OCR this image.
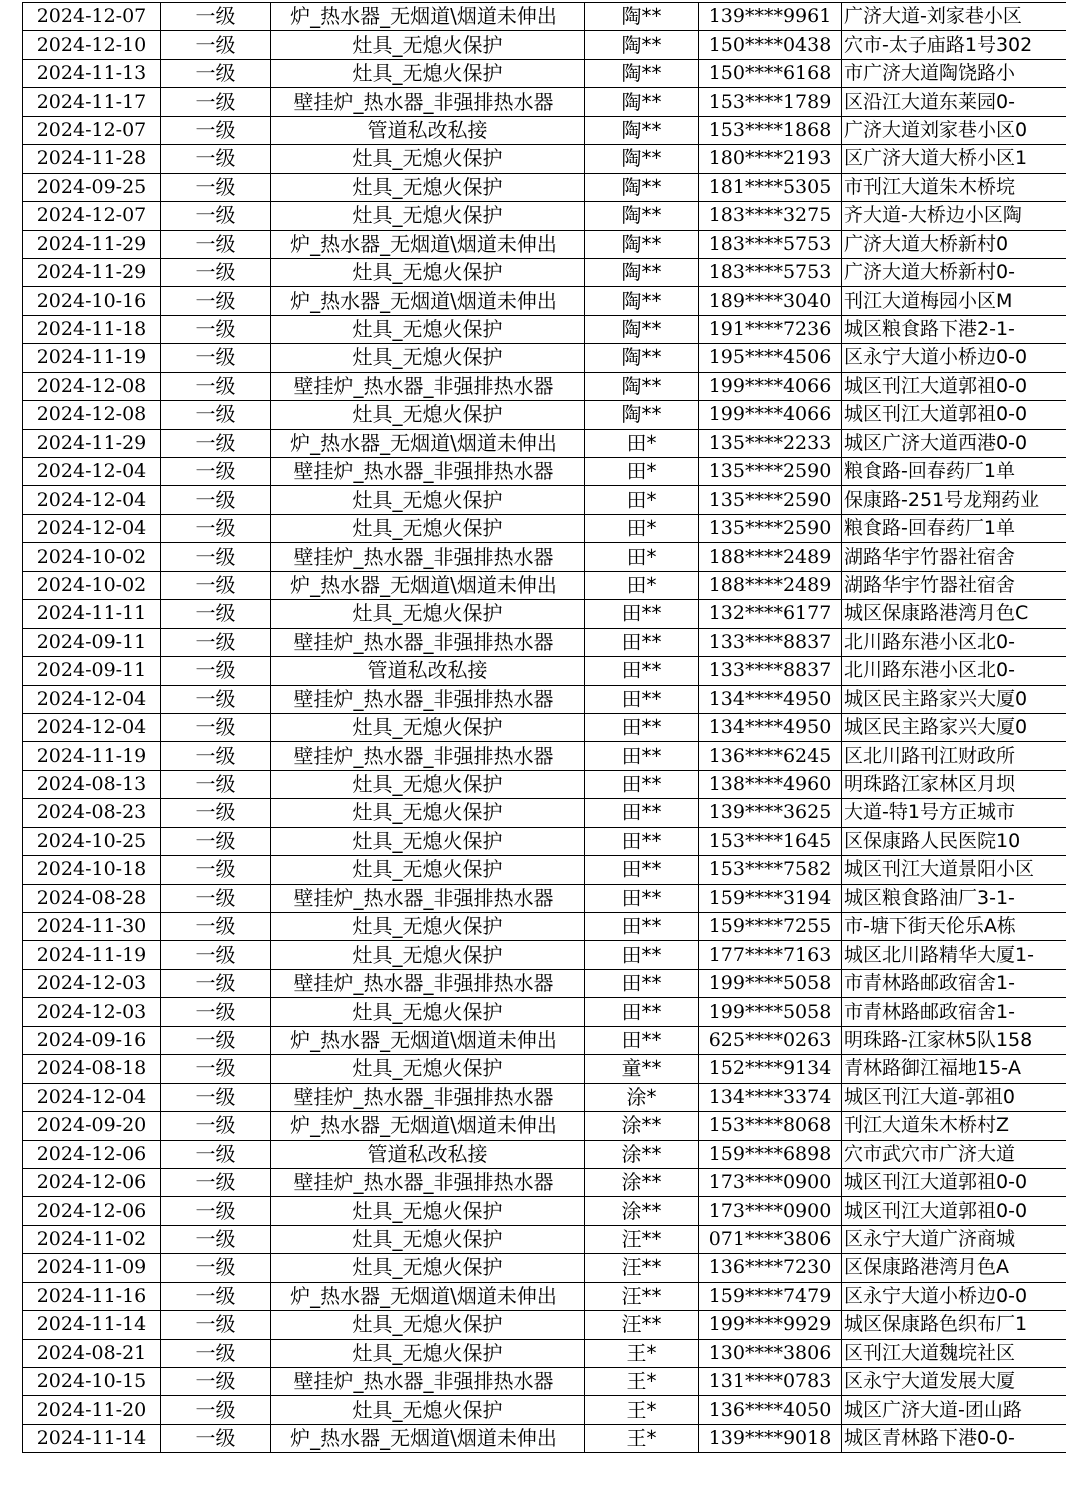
2024-12-07	一级	炉_热水器_无烟道\烟道未伸出	陶**	139****9961	广济大道-刘家巷小区
2024-12-10	一级	灶具_无熄火保护	陶**	150****0438	穴市-太子庙路1号302
2024-11-13	一级	灶具_无熄火保护	陶**	150****6168	市广济大道陶饶路小
2024-11-17	一级	壁挂炉_热水器_非强排热水器	陶**	153****1789	区沿江大道东莱园0-
2024-12-07	一级	管道私改私接	陶**	153****1868	广济大道刘家巷小区0
2024-11-28	一级	灶具_无熄火保护	陶**	180****2193	区广济大道大桥小区1
2024-09-25	一级	灶具_无熄火保护	陶**	181****5305	市刊江大道朱木桥垸
2024-12-07	一级	灶具_无熄火保护	陶**	183****3275	齐大道-大桥边小区陶
2024-11-29	一级	炉_热水器_无烟道\烟道未伸出	陶**	183****5753	广济大道大桥新村0
2024-11-29	一级	灶具_无熄火保护	陶**	183****5753	广济大道大桥新村0-
2024-10-16	一级	炉_热水器_无烟道\烟道未伸出	陶**	189****3040	刊江大道梅园小区M
2024-11-18	一级	灶具_无熄火保护	陶**	191****7236	城区粮食路下港2-1-
2024-11-19	一级	灶具_无熄火保护	陶**	195****4506	区永宁大道小桥边0-0
2024-12-08	一级	壁挂炉_热水器_非强排热水器	陶**	199****4066	城区刊江大道郭祖0-0
2024-12-08	一级	灶具_无熄火保护	陶**	199****4066	城区刊江大道郭祖0-0
2024-11-29	一级	炉_热水器_无烟道\烟道未伸出	田*	135****2233	城区广济大道西港0-0
2024-12-04	一级	壁挂炉_热水器_非强排热水器	田*	135****2590	粮食路-回春药厂1单
2024-12-04	一级	灶具_无熄火保护	田*	135****2590	保康路-251号龙翔药业
2024-12-04	一级	灶具_无熄火保护	田*	135****2590	粮食路-回春药厂1单
2024-10-02	一级	壁挂炉_热水器_非强排热水器	田*	188****2489	湖路华宇竹器社宿舍
2024-10-02	一级	炉_热水器_无烟道\烟道未伸出	田*	188****2489	湖路华宇竹器社宿舍
2024-11-11	一级	灶具_无熄火保护	田**	132****6177	城区保康路港湾月色C
2024-09-11	一级	壁挂炉_热水器_非强排热水器	田**	133****8837	北川路东港小区北0-
2024-09-11	一级	管道私改私接	田**	133****8837	北川路东港小区北0-
2024-12-04	一级	壁挂炉_热水器_非强排热水器	田**	134****4950	城区民主路家兴大厦0
2024-12-04	一级	灶具_无熄火保护	田**	134****4950	城区民主路家兴大厦0
2024-11-19	一级	壁挂炉_热水器_非强排热水器	田**	136****6245	区北川路刊江财政所
2024-08-13	一级	灶具_无熄火保护	田**	138****4960	明珠路江家林区月坝
2024-08-23	一级	灶具_无熄火保护	田**	139****3625	大道-特1号方正城市
2024-10-25	一级	灶具_无熄火保护	田**	153****1645	区保康路人民医院10
2024-10-18	一级	灶具_无熄火保护	田**	153****7582	城区刊江大道景阳小区
2024-08-28	一级	壁挂炉_热水器_非强排热水器	田**	159****3194	城区粮食路油厂3-1-
2024-11-30	一级	灶具_无熄火保护	田**	159****7255	市-塘下街天伦乐A栋
2024-11-19	一级	灶具_无熄火保护	田**	177****7163	城区北川路精华大厦1-
2024-12-03	一级	壁挂炉_热水器_非强排热水器	田**	199****5058	市青林路邮政宿舍1-
2024-12-03	一级	灶具_无熄火保护	田**	199****5058	市青林路邮政宿舍1-
2024-09-16	一级	炉_热水器_无烟道\烟道未伸出	田**	625****0263	明珠路-江家林5队158
2024-08-18	一级	灶具_无熄火保护	童**	152****9134	青林路御江福地15-A
2024-12-04	一级	壁挂炉_热水器_非强排热水器	涂*	134****3374	城区刊江大道-郭祖0
2024-09-20	一级	炉_热水器_无烟道\烟道未伸出	涂**	153****8068	刊江大道朱木桥村Z
2024-12-06	一级	管道私改私接	涂**	159****6898	穴市武穴市广济大道
2024-12-06	一级	壁挂炉_热水器_非强排热水器	涂**	173****0900	城区刊江大道郭祖0-0
2024-12-06	一级	灶具_无熄火保护	涂**	173****0900	城区刊江大道郭祖0-0
2024-11-02	一级	灶具_无熄火保护	汪**	071****3806	区永宁大道广济商城
2024-11-09	一级	灶具_无熄火保护	汪**	136****7230	区保康路港湾月色A
2024-11-16	一级	炉_热水器_无烟道\烟道未伸出	汪**	159****7479	区永宁大道小桥边0-0
2024-11-14	一级	灶具_无熄火保护	汪**	199****9929	城区保康路色织布厂1
2024-08-21	一级	灶具_无熄火保护	王*	130****3806	区刊江大道魏垸社区
2024-10-15	一级	壁挂炉_热水器_非强排热水器	王*	131****0783	区永宁大道发展大厦
2024-11-20	一级	灶具_无熄火保护	王*	136****4050	城区广济大道-团山路
2024-11-14	一级	炉_热水器_无烟道\烟道未伸出	王*	139****9018	城区青林路下港0-0-
